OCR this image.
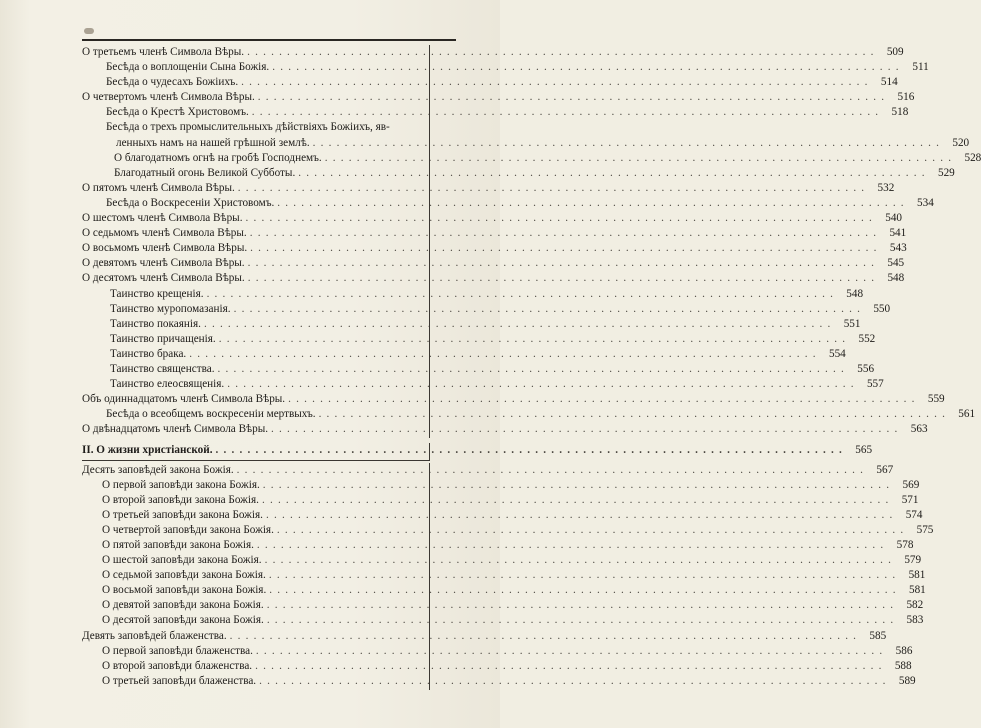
О третьемъ членѣ Символа Вѣры. . . .	509
Бесѣда о воплощеніи Сына Божія. . . .	511
Бесѣда о чудесахъ Божіихъ. . . .	514
О четвертомъ членѣ Символа Вѣры. . . .	516
Бесѣда о Крестѣ Христовомъ. . . .	518
Бесѣда о трехъ промыслительныхъ дѣйствіяхъ Божіихъ, яв-
ленныхъ намъ на нашей грѣшной землѣ. . . .	520
О благодатномъ огнѣ на гробѣ Господнемъ. . . .	528
Благодатный огонь Великой Субботы. . . .	529
О пятомъ членѣ Символа Вѣры. . . .	532
Бесѣда о Воскресеніи Христовомъ. . . .	534
О шестомъ членѣ Символа Вѣры. . . .	540
О седьмомъ членѣ Символа Вѣры. . . .	541
О восьмомъ членѣ Символа Вѣры. . . .	543
О девятомъ членѣ Символа Вѣры. . . .	545
О десятомъ членѣ Символа Вѣры. . . .	548
Таинство крещенія. . . .	548
Таинство муропомазанія. . . .	550
Таинство покаянія. . . .	551
Таинство причащенія. . . .	552
Таинство брака. . . .	554
Таинство священства. . . .	556
Таинство елеосвященія. . . .	557
Объ одиннадцатомъ членѣ Символа Вѣры. . . .	559
Бесѣда о всеобщемъ воскресеніи мертвыхъ. . . .	561
О двѣнадцатомъ членѣ Символа Вѣры. . . .	563
II. О жизни христіанской. . . .	565
Десять заповѣдей закона Божія. . . .	567
О первой заповѣди закона Божія. . . .	569
О второй заповѣди закона Божія. . . .	571
О третьей заповѣди закона Божія. . . .	574
О четвертой заповѣди закона Божія. . . .	575
О пятой заповѣди закона Божія. . . .	578
О шестой заповѣди закона Божія. . . .	579
О седьмой заповѣди закона Божія. . . .	581
О восьмой заповѣди закона Божія. . . .	581
О девятой заповѣди закона Божія. . . .	582
О десятой заповѣди закона Божія. . . .	583
Девять заповѣдей блаженства. . . .	585
О первой заповѣди блаженства. . . .	586
О второй заповѣди блаженства. . . .	588
О третьей заповѣди блаженства. . . .	589
